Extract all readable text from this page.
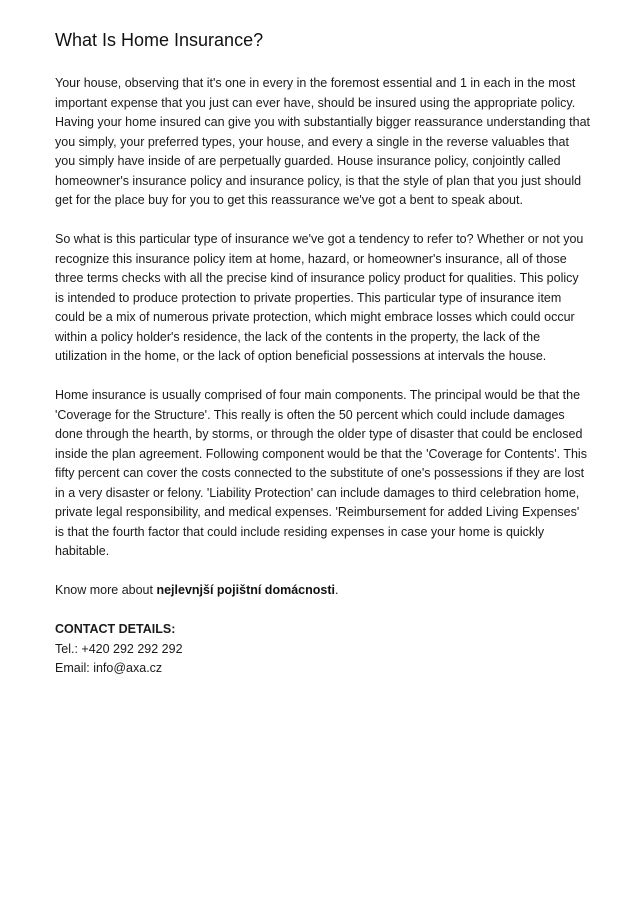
What Is Home Insurance?

Your house, observing that it's one in every in the foremost essential and 1 in each in the most important expense that you just can ever have, should be insured using the appropriate policy. Having your home insured can give you with substantially bigger reassurance understanding that you simply, your preferred types, your house, and every a single in the reverse valuables that you simply have inside of are perpetually guarded. House insurance policy, conjointly called homeowner's insurance policy and insurance policy, is that the style of plan that you just should get for the place buy for you to get this reassurance we've got a bent to speak about.

So what is this particular type of insurance we've got a tendency to refer to? Whether or not you recognize this insurance policy item at home, hazard, or homeowner's insurance, all of those three terms checks with all the precise kind of insurance policy product for qualities. This policy is intended to produce protection to private properties. This particular type of insurance item could be a mix of numerous private protection, which might embrace losses which could occur within a policy holder's residence, the lack of the contents in the property, the lack of the utilization in the home, or the lack of option beneficial possessions at intervals the house.

Home insurance is usually comprised of four main components. The principal would be that the 'Coverage for the Structure'. This really is often the 50 percent which could include damages done through the hearth, by storms, or through the older type of disaster that could be enclosed inside the plan agreement. Following component would be that the 'Coverage for Contents'. This fifty percent can cover the costs connected to the substitute of one's possessions if they are lost in a very disaster or felony. 'Liability Protection' can include damages to third celebration home, private legal responsibility, and medical expenses. 'Reimbursement for added Living Expenses' is that the fourth factor that could include residing expenses in case your home is quickly habitable.

Know more about nejlevnjší pojištní domácnosti.

CONTACT DETAILS:
Tel.: +420 292 292 292
Email: info@axa.cz
